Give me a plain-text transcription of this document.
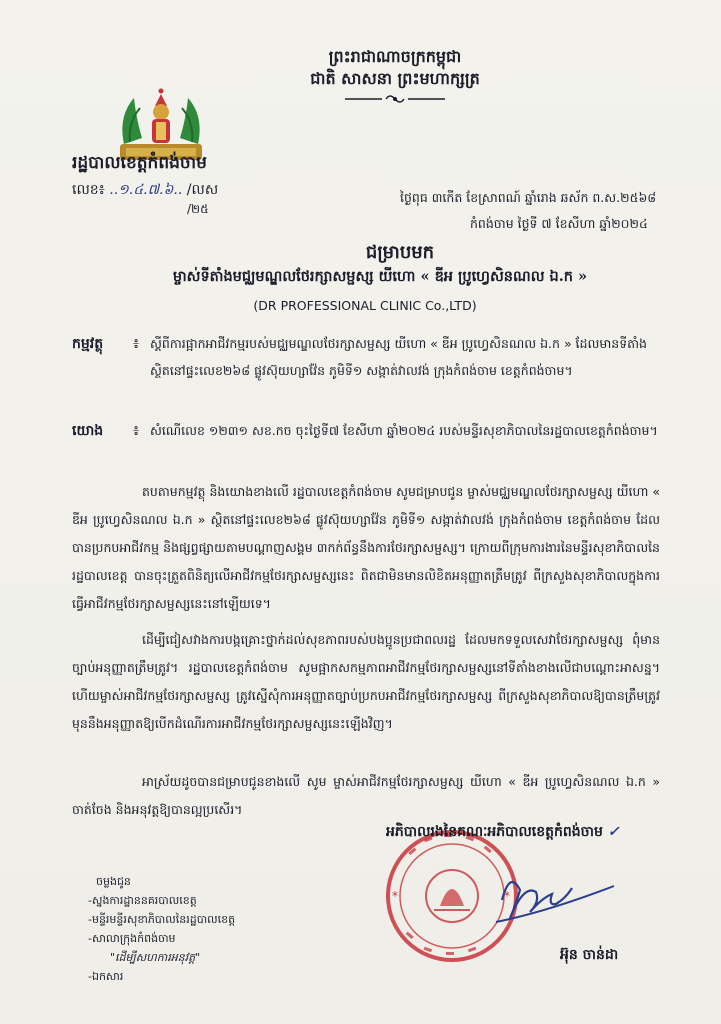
ព្រះរាជាណាចក្រកម្ពុជា
ជាតិ សាសនា ព្រះមហាក្សត្រ
រដ្ឋបាលខេត្តកំពង់ចាម
លេខ៖ ..១.៤.៧.៦.. /លស
/២៥
ថ្ងៃពុធ ៣កើត ខែស្រាពណ៍ ឆ្នាំរោង ឆស័ក ព.ស.២៥៦៨
កំពង់ចាម ថ្ងៃទី ៧ ខែសីហា ឆ្នាំ២០២៤
ជម្រាបមក
ម្ចាស់ទីតាំងមជ្ឈមណ្ឌលថែរក្សាសម្ផស្ស យីហោ « ឌីអ ប្រូហ្វេសិនណល ឯ.ក »
(DR PROFESSIONAL CLINIC Co.,LTD)
កម្មវត្ថុ ៖ ស្តីពីការផ្អាកអាជីវកម្មរបស់មជ្ឈមណ្ឌលថែរក្សាសម្ផស្ស យីហោ « ឌីអ ប្រូហ្វេសិនណល ឯ.ក » ដែលមានទីតាំងស្ថិតនៅផ្ទះលេខ២៦៨ ផ្លូវស៊ុយហ្សាវ៉ែន ភូមិទី១ សង្កាត់វាលវង់ ក្រុងកំពង់ចាម ខេត្តកំពង់ចាម។
យោង ៖ សំណើលេខ ១២៣១ សខ.កច ចុះថ្ងៃទី៧ ខែសីហា ឆ្នាំ២០២៤ របស់មន្ទីរសុខាភិបាលនៃរដ្ឋបាលខេត្តកំពង់ចាម។
តបតាមកម្មវត្ថុ និងយោងខាងលើ រដ្ឋបាលខេត្តកំពង់ចាម សូមជម្រាបជូន ម្ចាស់មជ្ឈមណ្ឌលថែរក្សាសម្ផស្ស យីហោ « ឌីអ ប្រូហ្វេសិនណល ឯ.ក » ស្ថិតនៅផ្ទះលេខ២៦៨ ផ្លូវស៊ុយហ្សាវ៉ែន ភូមិទី១ សង្កាត់វាលវង់ ក្រុងកំពង់ចាម ខេត្តកំពង់ចាម ដែលបានប្រកបអាជីវកម្ម និងផ្សព្វផ្សាយតាមបណ្តាញសង្គម ៣កក់ព័ន្ធនឹងការថែរក្សាសម្ផស្ស។ ក្រោយពីក្រុមការងារនៃមន្ទីរសុខាភិបាលនៃរដ្ឋបាលខេត្ត បានចុះត្រួតពិនិត្យលើអាជីវកម្មថែរក្សាសម្ផស្សនេះ ពិតជាមិនមានលិខិតអនុញ្ញាតត្រឹមត្រូវ ពីក្រសួងសុខាភិបាលក្នុងការធ្វើអាជីវកម្មថែរក្សាសម្ផស្សនេះនៅឡើយទេ។
ដើម្បីជៀសវាងការបង្កគ្រោះថ្នាក់ដល់សុខភាពរបស់បងប្អូនប្រជាពលរដ្ឋ ដែលមកទទួលសេវាថែរក្សាសម្ផស្ស ពុំមានច្បាប់អនុញ្ញាតត្រឹមត្រូវ។ រដ្ឋបាលខេត្តកំពង់ចាម សូមផ្អាកសកម្មភាពអាជីវកម្មថែរក្សាសម្ផស្សនៅទីតាំងខាងលើជាបណ្តោះអាសន្ន។ ហើយម្ចាស់អាជីវកម្មថែរក្សាសម្ផស្ស ត្រូវស្នើសុំការអនុញ្ញាតច្បាប់ប្រកបអាជីវកម្មថែរក្សាសម្ផស្ស ពីក្រសួងសុខាភិបាលឱ្យបានត្រឹមត្រូវ មុននឹងអនុញ្ញាតឱ្យបើកដំណើរការអាជីវកម្មថែរក្សាសម្ផស្សនេះឡើងវិញ។
អាស្រ័យដូចបានជម្រាបជូនខាងលើ សូម ម្ចាស់អាជីវកម្មថែរក្សាសម្ផស្ស យីហោ « ឌីអ ប្រូហ្វេសិនណល ឯ.ក » ចាត់ចែង និងអនុវត្តឱ្យបានល្អប្រសើរ។
*	*
អភិបាលរងនៃគណៈអភិបាលខេត្តកំពង់ចាម ✓
អ៊ុន ចាន់ដា
ចម្លងជូន
-ស្នងការដ្ឋាននគរបាលខេត្ត
-មន្ទីរមន្ទីរសុខាភិបាលនៃរដ្ឋបាលខេត្ត
-សាលាក្រុងកំពង់ចាម
"ដើម្បីសហការអនុវត្ត"
-ឯកសារ
